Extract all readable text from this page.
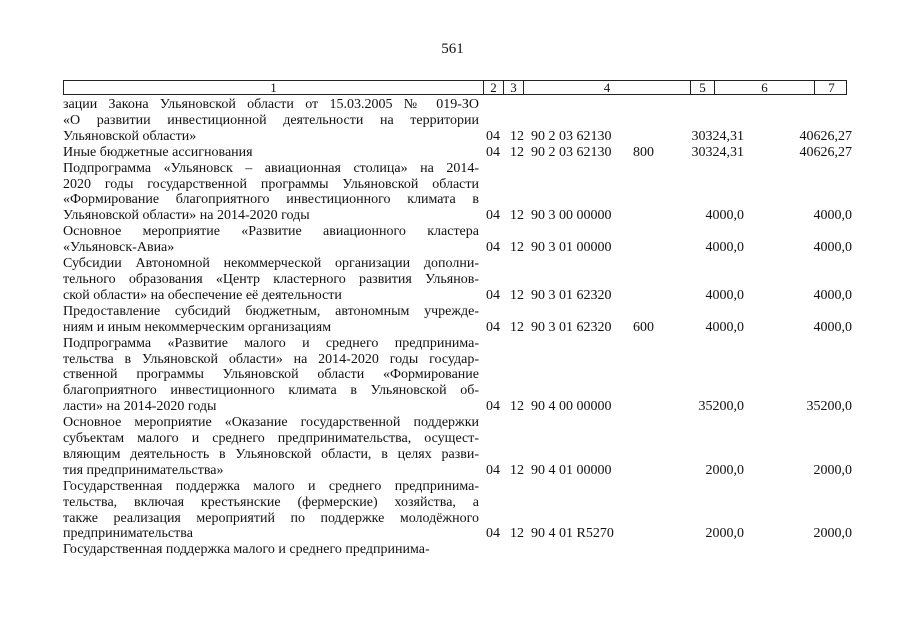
561
1	2	3	4	5	6	7
зации Закона Ульяновской области от 15.03.2005 № 019-ЗО
«О развитии инвестиционной деятельности на территории
Ульяновской области»	04 12 90 2 03 62130	30324,31	40626,27
Иные бюджетные ассигнования	04 12 90 2 03 62130 800	30324,31	40626,27
Подпрограмма «Ульяновск – авиационная столица» на 2014-
2020 годы государственной программы Ульяновской области
«Формирование благоприятного инвестиционного климата в
Ульяновской области» на 2014-2020 годы	04 12 90 3 00 00000	4000,0	4000,0
Основное мероприятие «Развитие авиационного кластера
«Ульяновск-Авиа»	04 12 90 3 01 00000	4000,0	4000,0
Субсидии Автономной некоммерческой организации дополни-
тельного образования «Центр кластерного развития Ульянов-
ской области» на обеспечение её деятельности	04 12 90 3 01 62320	4000,0	4000,0
Предоставление субсидий бюджетным, автономным учрежде-
ниям и иным некоммерческим организациям	04 12 90 3 01 62320 600	4000,0	4000,0
Подпрограмма «Развитие малого и среднего предпринима-
тельства в Ульяновской области» на 2014-2020 годы государ-
ственной программы Ульяновской области «Формирование
благоприятного инвестиционного климата в Ульяновской об-
ласти» на 2014-2020 годы	04 12 90 4 00 00000	35200,0	35200,0
Основное мероприятие «Оказание государственной поддержки
субъектам малого и среднего предпринимательства, осущест-
вляющим деятельность в Ульяновской области, в целях разви-
тия предпринимательства»	04 12 90 4 01 00000	2000,0	2000,0
Государственная поддержка малого и среднего предпринима-
тельства, включая крестьянские (фермерские) хозяйства, а
также реализация мероприятий по поддержке молодёжного
предпринимательства	04 12 90 4 01 R5270	2000,0	2000,0
Государственная поддержка малого и среднего предпринима-
